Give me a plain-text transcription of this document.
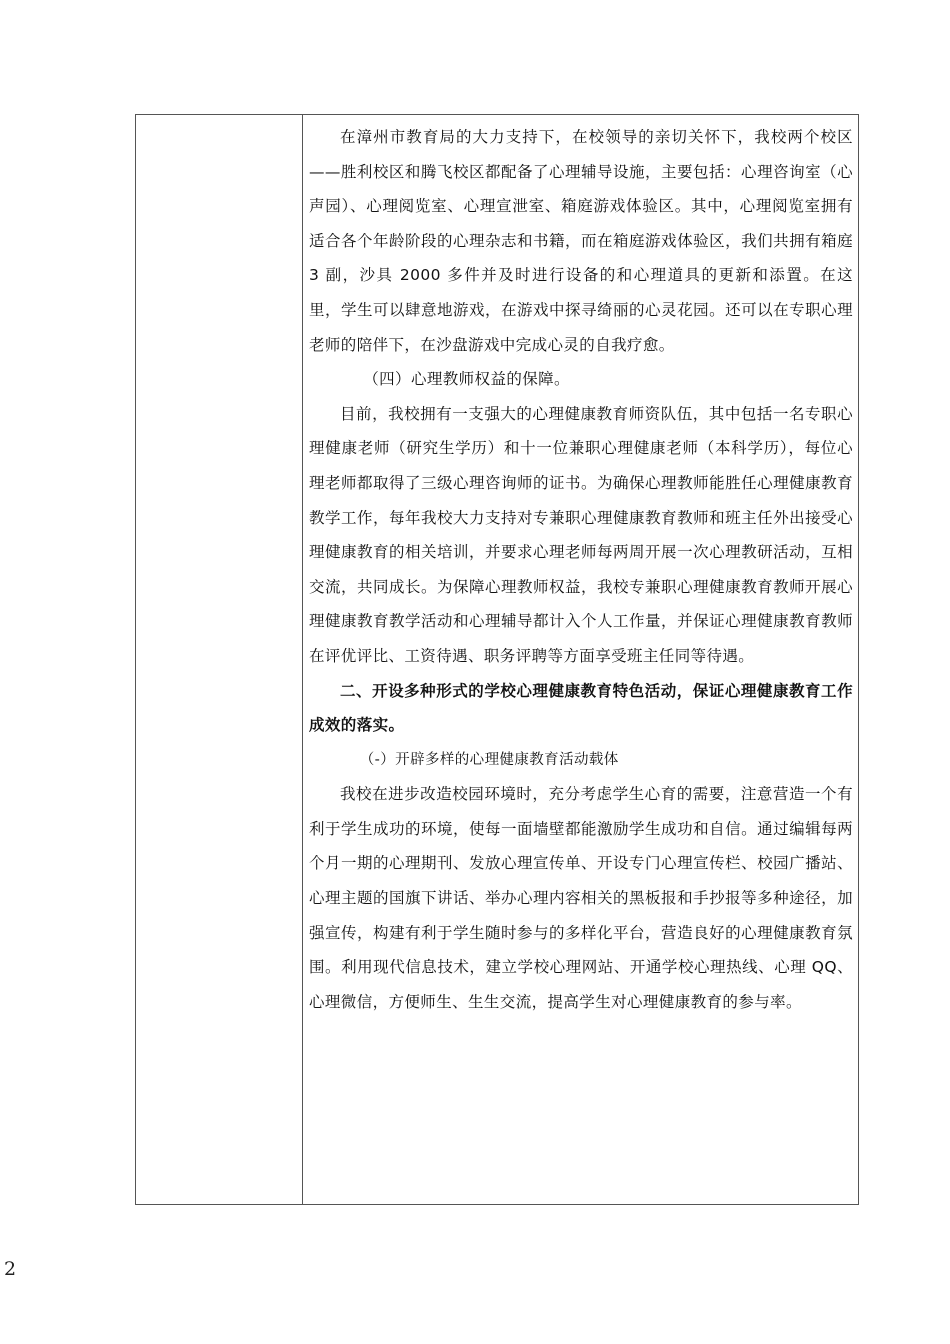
在漳州市教育局的大力支持下，在校领导的亲切关怀下，我校两个校区——胜利校区和腾飞校区都配备了心理辅导设施，主要包括：心理咨询室（心声园）、心理阅览室、心理宣泄室、箱庭游戏体验区。其中，心理阅览室拥有适合各个年龄阶段的心理杂志和书籍，而在箱庭游戏体验区，我们共拥有箱庭 3 副，沙具 2000 多件并及时进行设备的和心理道具的更新和添置。在这里，学生可以肆意地游戏，在游戏中探寻绮丽的心灵花园。还可以在专职心理老师的陪伴下，在沙盘游戏中完成心灵的自我疗愈。

（四）心理教师权益的保障。

目前，我校拥有一支强大的心理健康教育师资队伍，其中包括一名专职心理健康老师（研究生学历）和十一位兼职心理健康老师（本科学历），每位心理老师都取得了三级心理咨询师的证书。为确保心理教师能胜任心理健康教育教学工作，每年我校大力支持对专兼职心理健康教育教师和班主任外出接受心理健康教育的相关培训，并要求心理老师每两周开展一次心理教研活动，互相交流，共同成长。为保障心理教师权益，我校专兼职心理健康教育教师开展心理健康教育教学活动和心理辅导都计入个人工作量，并保证心理健康教育教师在评优评比、工资待遇、职务评聘等方面享受班主任同等待遇。

二、开设多种形式的学校心理健康教育特色活动，保证心理健康教育工作成效的落实。

（-）开辟多样的心理健康教育活动载体

我校在进步改造校园环境时，充分考虑学生心育的需要，注意营造一个有利于学生成功的环境，使每一面墙壁都能激励学生成功和自信。通过编辑每两个月一期的心理期刊、发放心理宣传单、开设专门心理宣传栏、校园广播站、心理主题的国旗下讲话、举办心理内容相关的黑板报和手抄报等多种途径，加强宣传，构建有利于学生随时参与的多样化平台，营造良好的心理健康教育氛围。利用现代信息技术，建立学校心理网站、开通学校心理热线、心理 QQ、心理微信，方便师生、生生交流，提高学生对心理健康教育的参与率。

2
